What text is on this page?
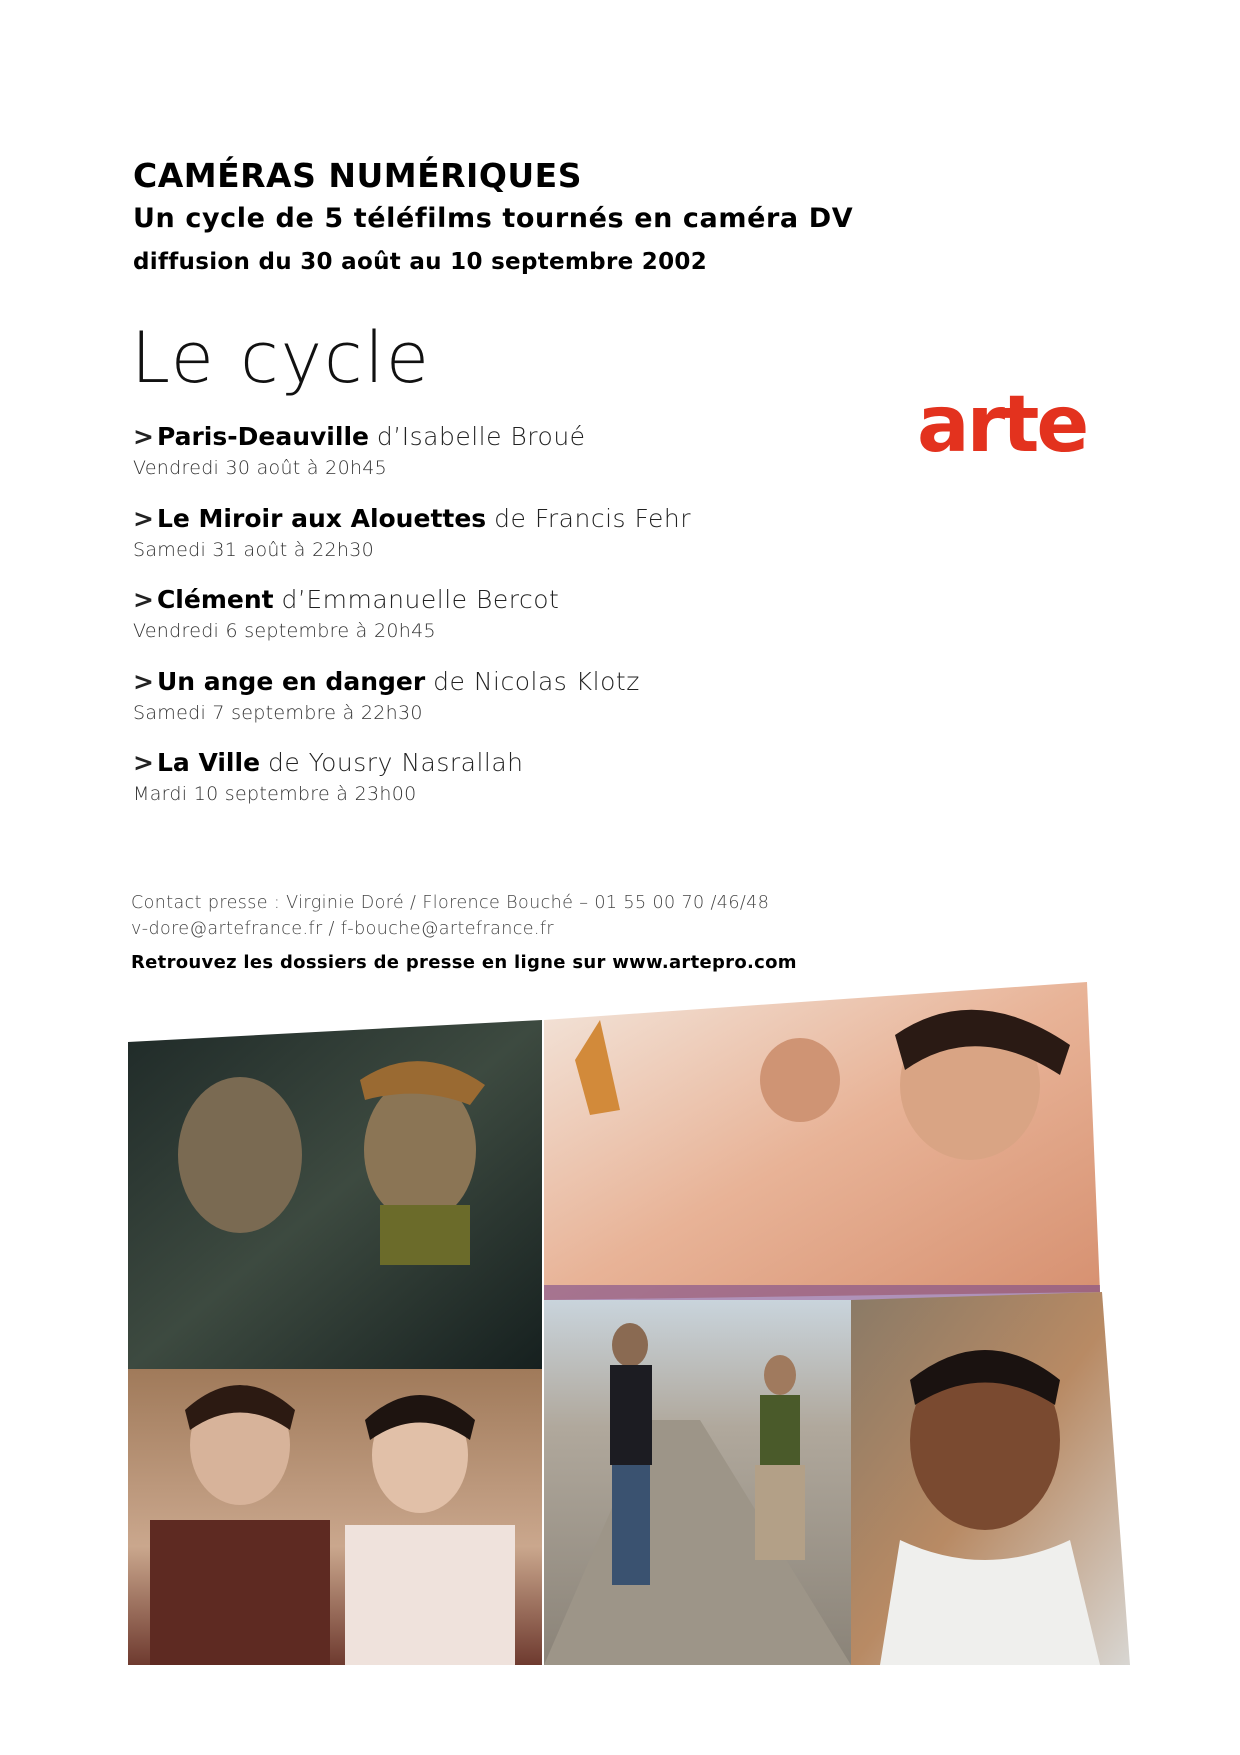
CAMÉRAS NUMÉRIQUES
Un cycle de 5 téléfilms tournés en caméra DV
diffusion du 30 août au 10 septembre 2002
Le cycle
arte
> Paris-Deauville d’Isabelle Broué
Vendredi 30 août à 20h45
> Le Miroir aux Alouettes de Francis Fehr
Samedi 31 août à 22h30
> Clément d’Emmanuelle Bercot
Vendredi 6 septembre à 20h45
> Un ange en danger de Nicolas Klotz
Samedi 7 septembre à 22h30
> La Ville de Yousry Nasrallah
Mardi 10 septembre à 23h00
Contact presse : Virginie Doré / Florence Bouché – 01 55 00 70 /46/48
v-dore@artefrance.fr / f-bouche@artefrance.fr
Retrouvez les dossiers de presse en ligne sur www.artepro.com
